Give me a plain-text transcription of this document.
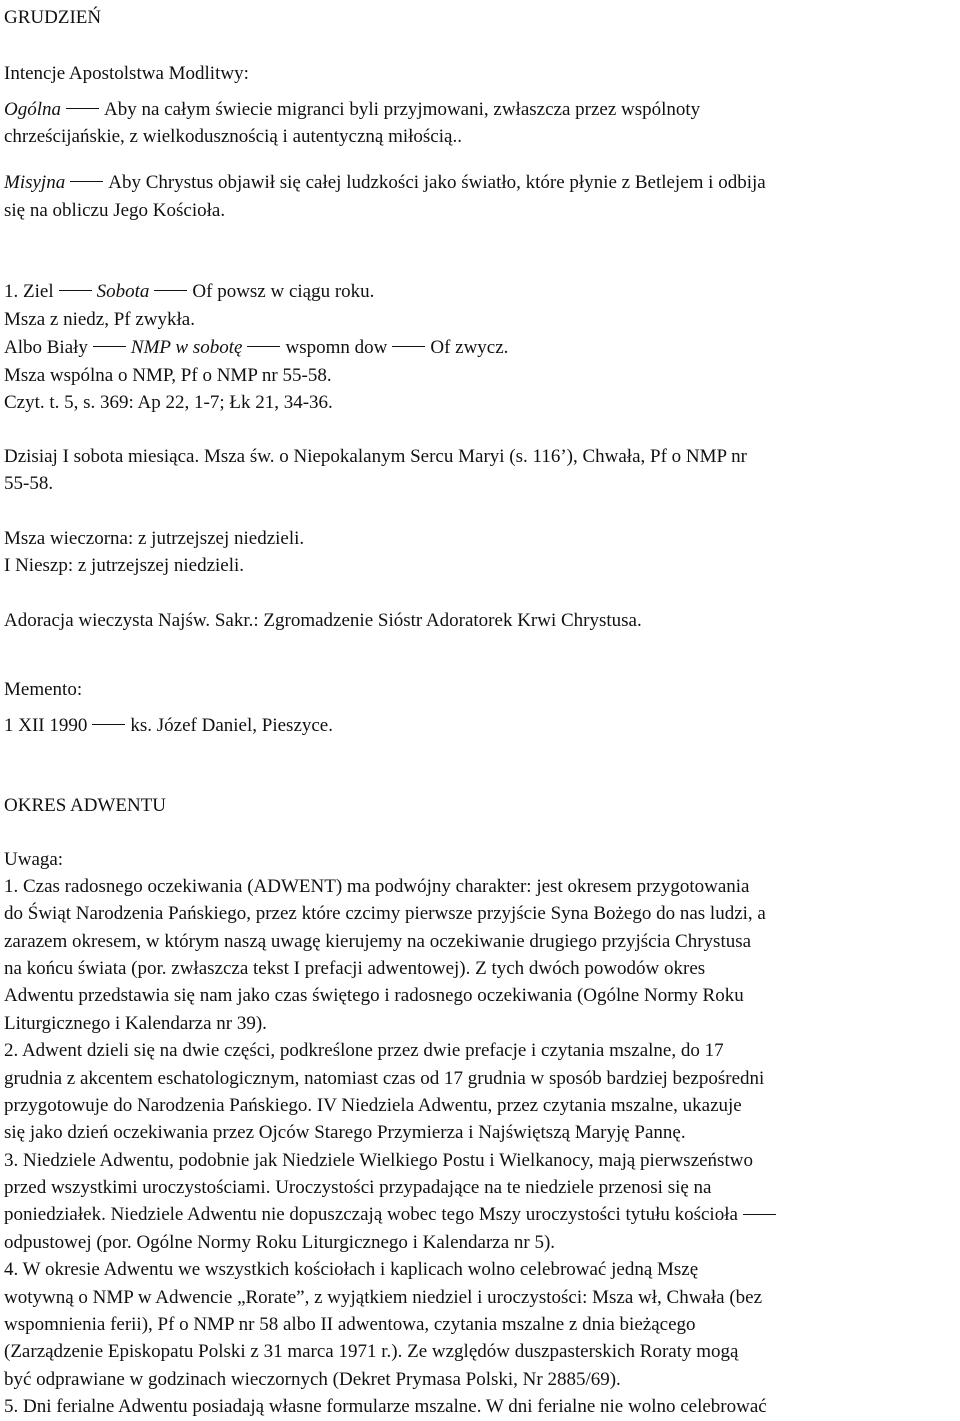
GRUDZIEŃ
Intencje Apostolstwa Modlitwy:
Ogólna Aby na całym świecie migranci byli przyjmowani, zwłaszcza przez wspólnoty
chrześcijańskie, z wielkodusznością i autentyczną miłością..
Misyjna Aby Chrystus objawił się całej ludzkości jako światło, które płynie z Betlejem i odbija
się na obliczu Jego Kościoła.
1. Ziel Sobota Of powsz w ciągu roku.
Msza z niedz, Pf zwykła.
Albo Biały NMP w sobotę wspomn dow Of zwycz.
Msza wspólna o NMP, Pf o NMP nr 55-58.
Czyt. t. 5, s. 369: Ap 22, 1-7; Łk 21, 34-36.
Dzisiaj I sobota miesiąca. Msza św. o Niepokalanym Sercu Maryi (s. 116’), Chwała, Pf o NMP nr
55-58.
Msza wieczorna: z jutrzejszej niedzieli.
I Nieszp: z jutrzejszej niedzieli.
Adoracja wieczysta Najśw. Sakr.: Zgromadzenie Sióstr Adoratorek Krwi Chrystusa.
Memento:
1 XII 1990 ks. Józef Daniel, Pieszyce.
OKRES ADWENTU
Uwaga:
1. Czas radosnego oczekiwania (ADWENT) ma podwójny charakter: jest okresem przygotowania
do Świąt Narodzenia Pańskiego, przez które czcimy pierwsze przyjście Syna Bożego do nas ludzi, a
zarazem okresem, w którym naszą uwagę kierujemy na oczekiwanie drugiego przyjścia Chrystusa
na końcu świata (por. zwłaszcza tekst I prefacji adwentowej). Z tych dwóch powodów okres
Adwentu przedstawia się nam jako czas świętego i radosnego oczekiwania (Ogólne Normy Roku
Liturgicznego i Kalendarza nr 39).
2. Adwent dzieli się na dwie części, podkreślone przez dwie prefacje i czytania mszalne, do 17
grudnia z akcentem eschatologicznym, natomiast czas od 17 grudnia w sposób bardziej bezpośredni
przygotowuje do Narodzenia Pańskiego. IV Niedziela Adwentu, przez czytania mszalne, ukazuje
się jako dzień oczekiwania przez Ojców Starego Przymierza i Najświętszą Maryję Pannę.
3. Niedziele Adwentu, podobnie jak Niedziele Wielkiego Postu i Wielkanocy, mają pierwszeństwo
przed wszystkimi uroczystościami. Uroczystości przypadające na te niedziele przenosi się na
poniedziałek. Niedziele Adwentu nie dopuszczają wobec tego Mszy uroczystości tytułu kościoła
odpustowej (por. Ogólne Normy Roku Liturgicznego i Kalendarza nr 5).
4. W okresie Adwentu we wszystkich kościołach i kaplicach wolno celebrować jedną Mszę
wotywną o NMP w Adwencie „Rorate”, z wyjątkiem niedziel i uroczystości: Msza wł, Chwała (bez
wspomnienia ferii), Pf o NMP nr 58 albo II adwentowa, czytania mszalne z dnia bieżącego
(Zarządzenie Episkopatu Polski z 31 marca 1971 r.). Ze względów duszpasterskich Roraty mogą
być odprawiane w godzinach wieczornych (Dekret Prymasa Polski, Nr 2885/69).
5. Dni ferialne Adwentu posiadają własne formularze mszalne. W dni ferialne nie wolno celebrować
